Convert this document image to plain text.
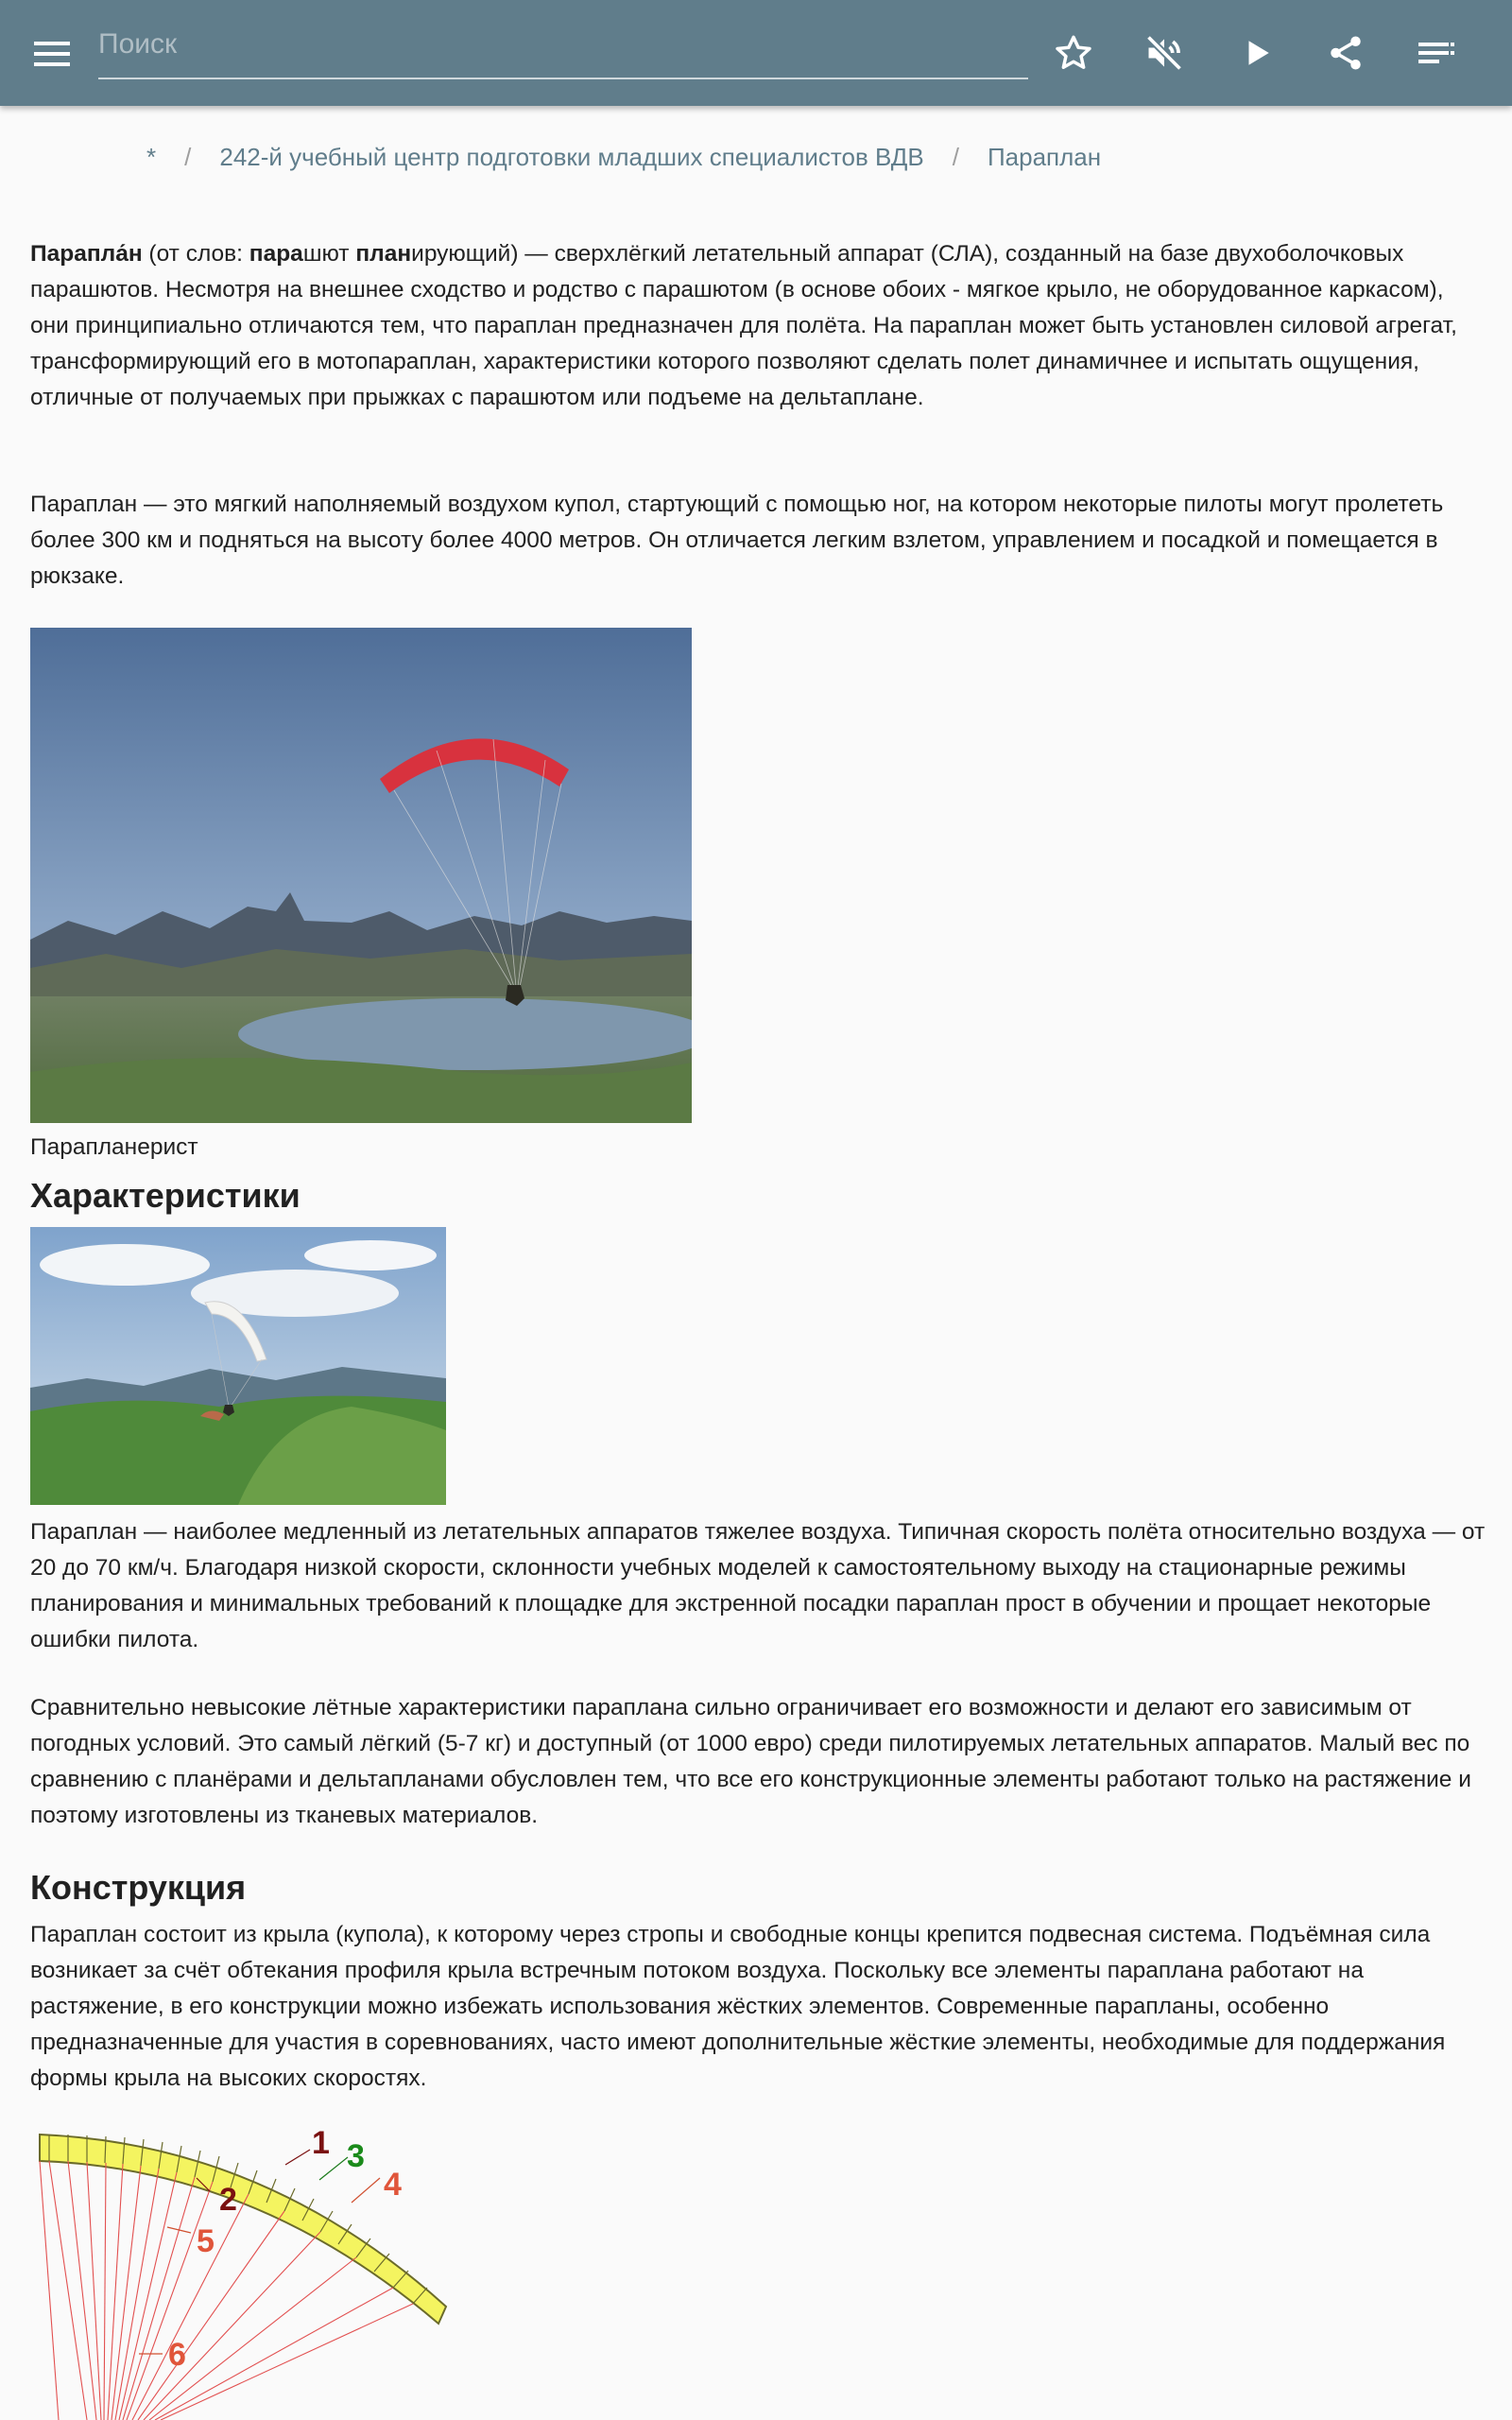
Поиск
* / 242-й учебный центр подготовки младших специалистов ВДВ / Параплан

Парапла́н (от слов: парашют планирующий) — сверхлёгкий летательный аппарат (СЛА), созданный на базе двухоболочковых парашютов. Несмотря на внешнее сходство и родство с парашютом (в основе обоих - мягкое крыло, не оборудованное каркасом), они принципиально отличаются тем, что параплан предназначен для полёта. На параплан может быть установлен силовой агрегат, трансформирующий его в мотопараплан, характеристики которого позволяют сделать полет динамичнее и испытать ощущения, отличные от получаемых при прыжках с парашютом или подъеме на дельтаплане.

Параплан — это мягкий наполняемый воздухом купол, стартующий с помощью ног, на котором некоторые пилоты могут пролететь более 300 км и подняться на высоту более 4000 метров. Он отличается легким взлетом, управлением и посадкой и помещается в рюкзаке.

Парапланерист
Характеристики

Параплан — наиболее медленный из летательных аппаратов тяжелее воздуха. Типичная скорость полёта относительно воздуха — от 20 до 70 км/ч. Благодаря низкой скорости, склонности учебных моделей к самостоятельному выходу на стационарные режимы планирования и минимальных требований к площадке для экстренной посадки параплан прост в обучении и прощает некоторые ошибки пилота.

Сравнительно невысокие лётные характеристики параплана сильно ограничивает его возможности и делают его зависимым от погодных условий. Это самый лёгкий (5-7 кг) и доступный (от 1000 евро) среди пилотируемых летательных аппаратов. Малый вес по сравнению с планёрами и дельтапланами обусловлен тем, что все его конструкционные элементы работают только на растяжение и поэтому изготовлены из тканевых материалов.

Конструкция

Параплан состоит из крыла (купола), к которому через стропы и свободные концы крепится подвесная система. Подъёмная сила возникает за счёт обтекания профиля крыла встречным потоком воздуха. Поскольку все элементы параплана работают на растяжение, в его конструкции можно избежать использования жёстких элементов. Современные парапланы, особенно предназначенные для участия в соревнованиях, часто имеют дополнительные жёсткие элементы, необходимые для поддержания формы крыла на высоких скоростях.

1 3
4
2
5
6
